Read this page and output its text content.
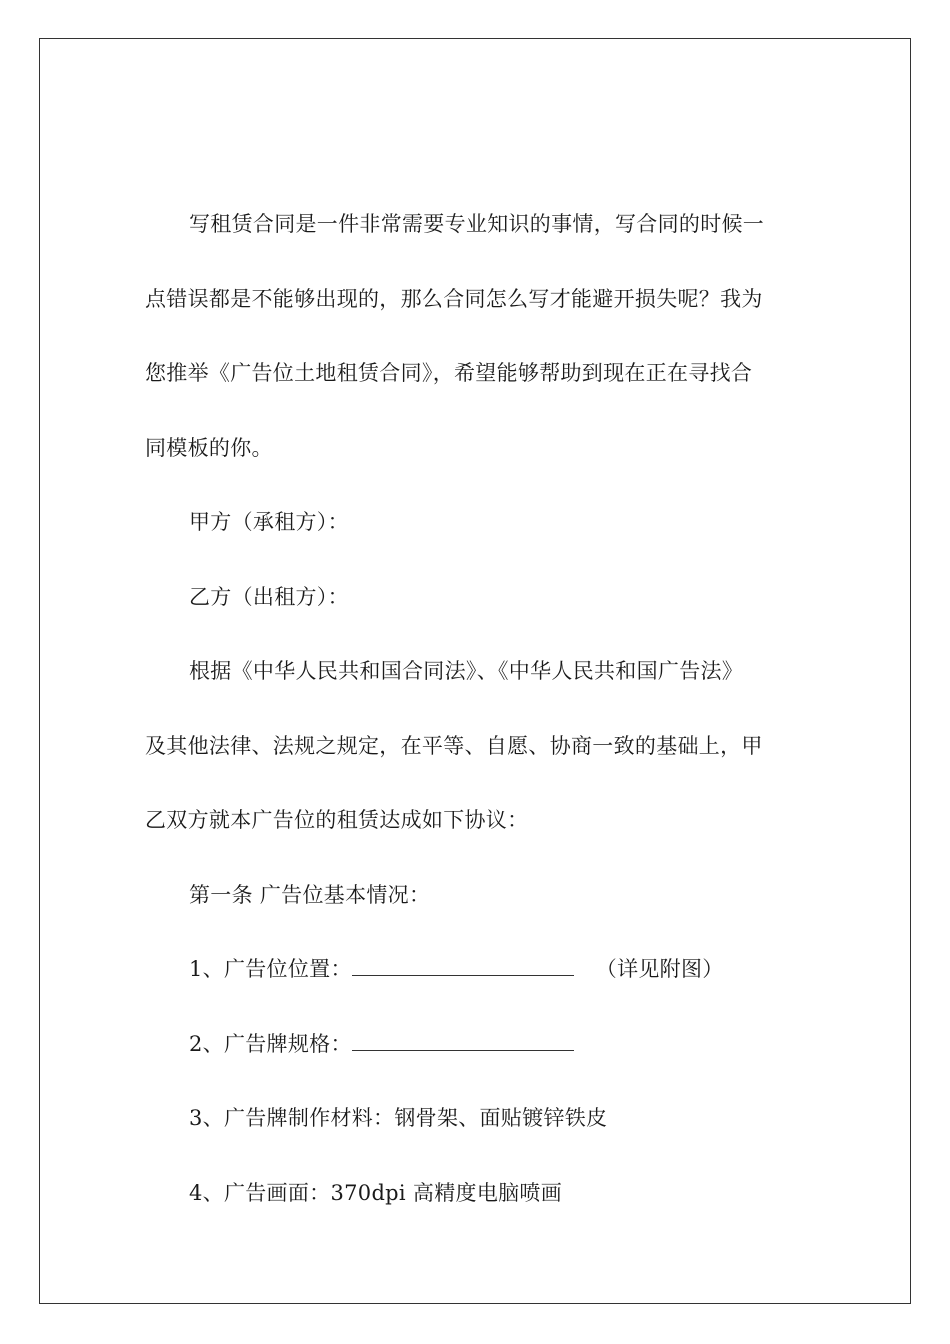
写租赁合同是一件非常需要专业知识的事情，写合同的时候一
点错误都是不能够出现的，那么合同怎么写才能避开损失呢？我为
您推举《广告位土地租赁合同》，希望能够帮助到现在正在寻找合
同模板的你。
甲方（承租方）：
乙方（出租方）：
根据《中华人民共和国合同法》、《中华人民共和国广告法》
及其他法律、法规之规定，在平等、自愿、协商一致的基础上，甲
乙双方就本广告位的租赁达成如下协议：
第一条 广告位基本情况：
1、广告位位置：	（详见附图）
2、广告牌规格：
3、广告牌制作材料：钢骨架、面贴镀锌铁皮
4、广告画面：370dpi 高精度电脑喷画
